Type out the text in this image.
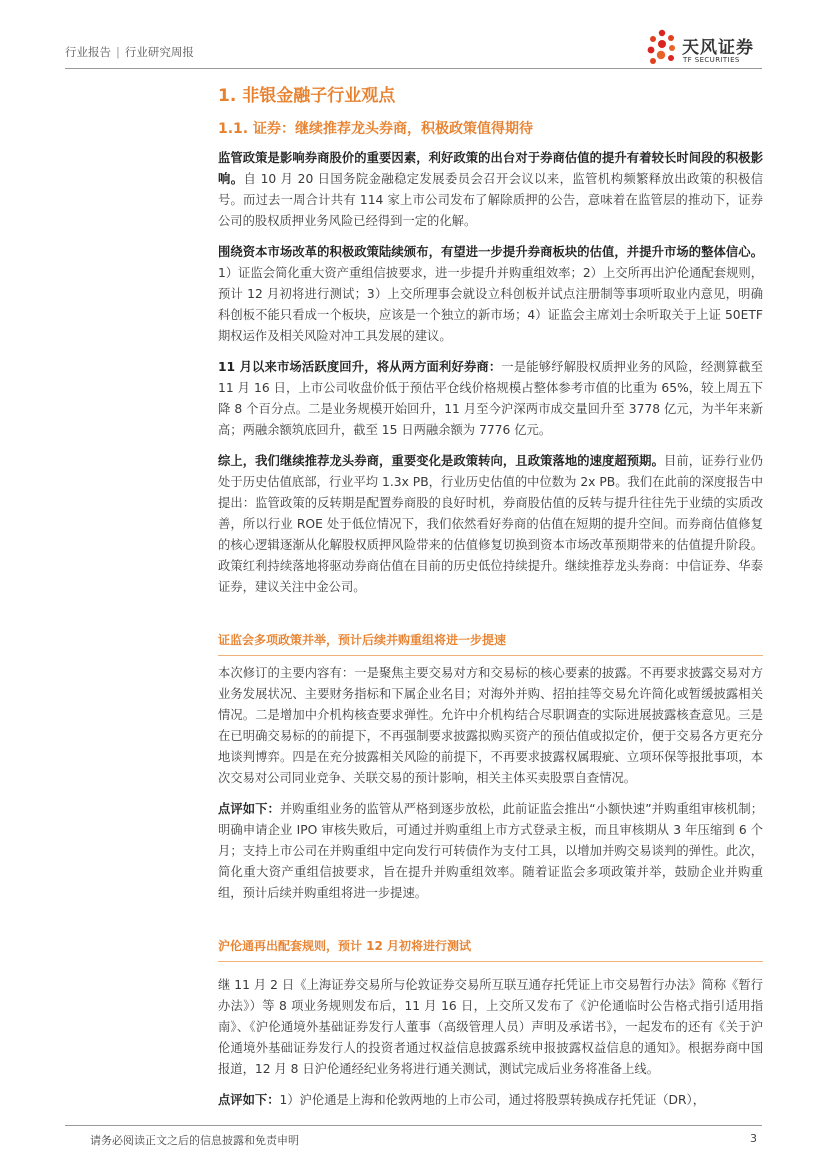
行业报告 | 行业研究周报	天风证券
TF SECURITIES
1. 非银金融子行业观点
1.1. 证券：继续推荐龙头券商，积极政策值得期待

监管政策是影响券商股价的重要因素，利好政策的出台对于券商估值的提升有着较长时间段的积极影响。自 10 月 20 日国务院金融稳定发展委员会召开会议以来，监管机构频繁释放出政策的积极信号。而过去一周合计共有 114 家上市公司发布了解除质押的公告，意味着在监管层的推动下，证券公司的股权质押业务风险已经得到一定的化解。

围绕资本市场改革的积极政策陆续颁布，有望进一步提升券商板块的估值，并提升市场的整体信心。1）证监会简化重大资产重组信披要求，进一步提升并购重组效率；2）上交所再出沪伦通配套规则，预计 12 月初将进行测试；3）上交所理事会就设立科创板并试点注册制等事项听取业内意见，明确科创板不能只看成一个板块，应该是一个独立的新市场；4）证监会主席刘士余听取关于上证 50ETF 期权运作及相关风险对冲工具发展的建议。

11 月以来市场活跃度回升，将从两方面利好券商：一是能够纾解股权质押业务的风险，经测算截至 11 月 16 日，上市公司收盘价低于预估平仓线价格规模占整体参考市值的比重为 65%，较上周五下降 8 个百分点。二是业务规模开始回升，11 月至今沪深两市成交量回升至 3778 亿元，为半年来新高；两融余额筑底回升，截至 15 日两融余额为 7776 亿元。

综上，我们继续推荐龙头券商，重要变化是政策转向，且政策落地的速度超预期。目前，证券行业仍处于历史估值底部，行业平均 1.3x PB，行业历史估值的中位数为 2x PB。我们在此前的深度报告中提出：监管政策的反转期是配置券商股的良好时机，券商股估值的反转与提升往往先于业绩的实质改善，所以行业 ROE 处于低位情况下，我们依然看好券商的估值在短期的提升空间。而券商估值修复的核心逻辑逐渐从化解股权质押风险带来的估值修复切换到资本市场改革预期带来的估值提升阶段。政策红利持续落地将驱动券商估值在目前的历史低位持续提升。继续推荐龙头券商：中信证券、华泰证券，建议关注中金公司。

证监会多项政策并举，预计后续并购重组将进一步提速

本次修订的主要内容有：一是聚焦主要交易对方和交易标的核心要素的披露。不再要求披露交易对方业务发展状况、主要财务指标和下属企业名目；对海外并购、招拍挂等交易允许简化或暂缓披露相关情况。二是增加中介机构核查要求弹性。允许中介机构结合尽职调查的实际进展披露核查意见。三是在已明确交易标的的前提下，不再强制要求披露拟购买资产的预估值或拟定价，便于交易各方更充分地谈判博弈。四是在充分披露相关风险的前提下，不再要求披露权属瑕疵、立项环保等报批事项，本次交易对公司同业竞争、关联交易的预计影响，相关主体买卖股票自查情况。

点评如下：并购重组业务的监管从严格到逐步放松，此前证监会推出“小额快速”并购重组审核机制；明确申请企业 IPO 审核失败后，可通过并购重组上市方式登录主板，而且审核期从 3 年压缩到 6 个月；支持上市公司在并购重组中定向发行可转债作为支付工具，以增加并购交易谈判的弹性。此次，简化重大资产重组信披要求，旨在提升并购重组效率。随着证监会多项政策并举，鼓励企业并购重组，预计后续并购重组将进一步提速。

沪伦通再出配套规则，预计 12 月初将进行测试

继 11 月 2 日《上海证券交易所与伦敦证券交易所互联互通存托凭证上市交易暂行办法》简称《暂行办法》）等 8 项业务规则发布后，11 月 16 日，上交所又发布了《沪伦通临时公告格式指引适用指南》、《沪伦通境外基础证券发行人董事（高级管理人员）声明及承诺书》，一起发布的还有《关于沪伦通境外基础证券发行人的投资者通过权益信息披露系统申报披露权益信息的通知》。根据券商中国报道，12 月 8 日沪伦通经纪业务将进行通关测试，测试完成后业务将准备上线。

点评如下：1）沪伦通是上海和伦敦两地的上市公司，通过将股票转换成存托凭证（DR），

请务必阅读正文之后的信息披露和免责申明	3
